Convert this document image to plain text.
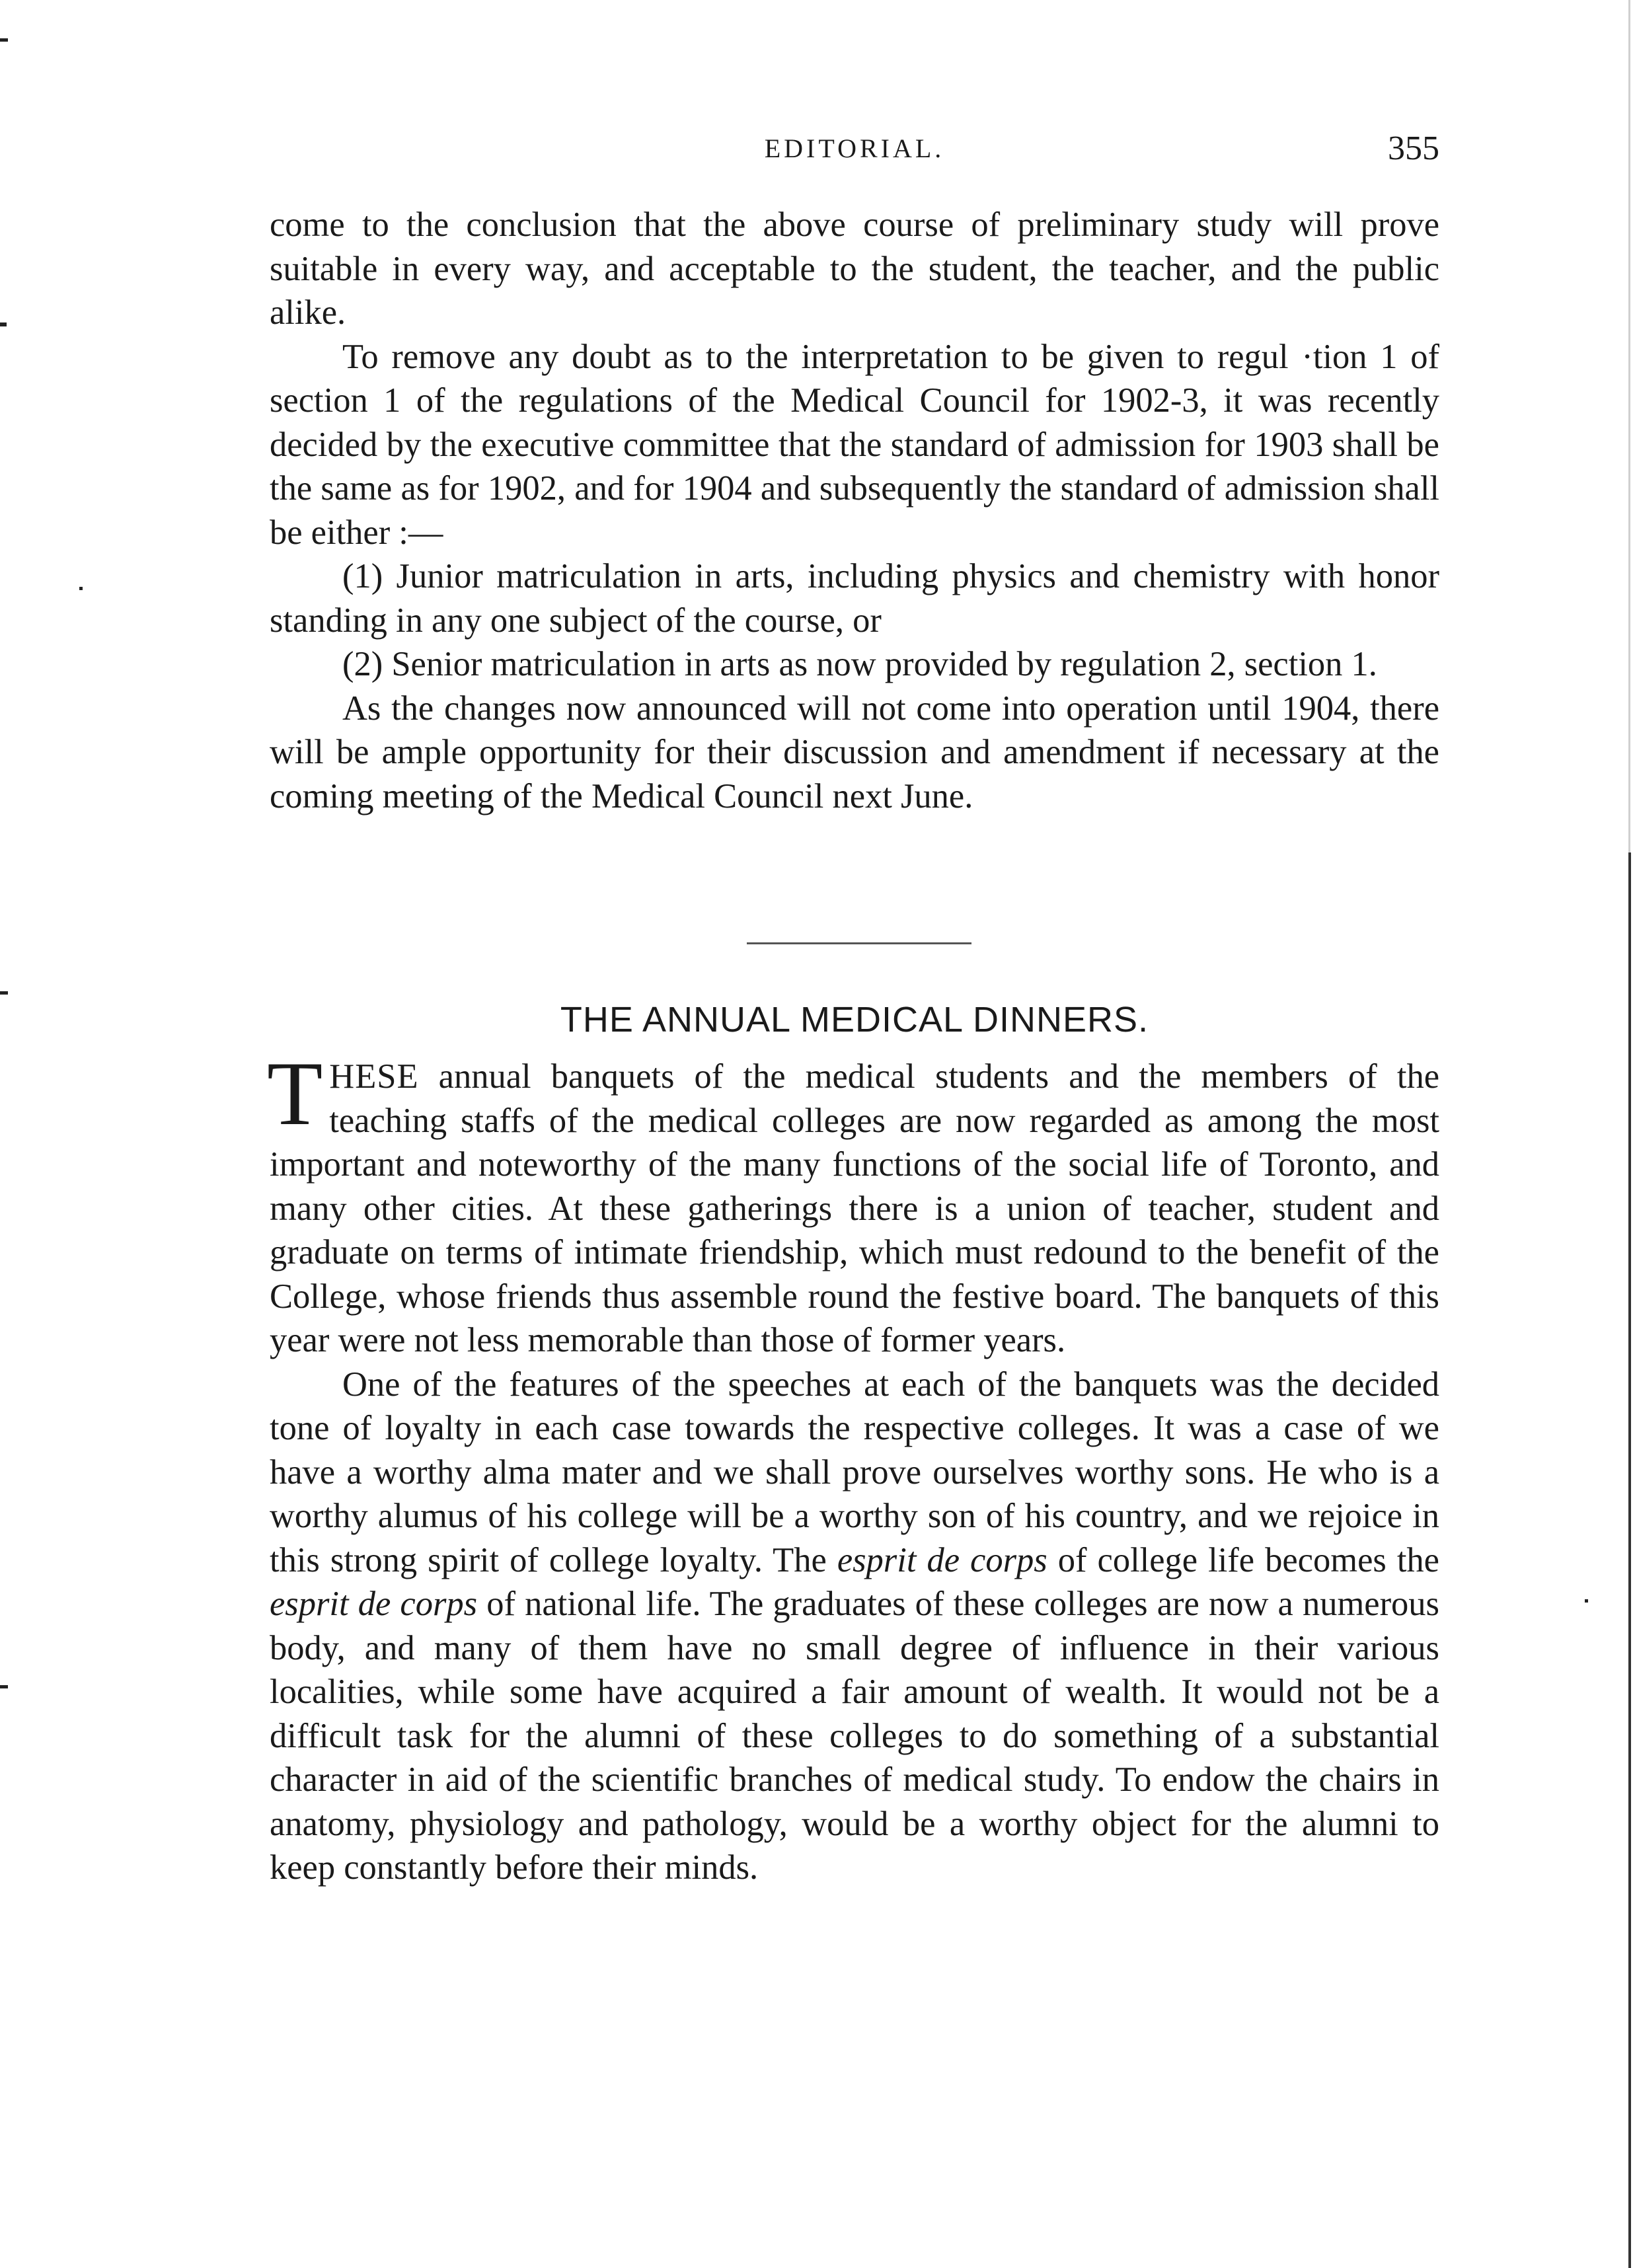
EDITORIAL.	355

come to the conclusion that the above course of preliminary study will prove suitable in every way, and acceptable to the student, the teacher, and the public alike.

To remove any doubt as to the interpretation to be given to regul ·tion 1 of section 1 of the regulations of the Medical Council for 1902-3, it was recently decided by the executive committee that the standard of admission for 1903 shall be the same as for 1902, and for 1904 and subsequently the standard of admission shall be either :—

(1) Junior matriculation in arts, including physics and chemistry with honor standing in any one subject of the course, or

(2) Senior matriculation in arts as now provided by regulation 2, section 1.

As the changes now announced will not come into operation until 1904, there will be ample opportunity for their discussion and amendment if necessary at the coming meeting of the Medical Council next June.

THE ANNUAL MEDICAL DINNERS.

THESE annual banquets of the medical students and the members of the teaching staffs of the medical colleges are now regarded as among the most important and noteworthy of the many functions of the social life of Toronto, and many other cities. At these gatherings there is a union of teacher, student and graduate on terms of intimate friendship, which must redound to the benefit of the College, whose friends thus assemble round the festive board. The banquets of this year were not less memorable than those of former years.

One of the features of the speeches at each of the banquets was the decided tone of loyalty in each case towards the respective colleges. It was a case of we have a worthy alma mater and we shall prove ourselves worthy sons. He who is a worthy alumus of his college will be a worthy son of his country, and we rejoice in this strong spirit of college loyalty. The esprit de corps of college life becomes the esprit de corps of national life. The graduates of these colleges are now a numerous body, and many of them have no small degree of influence in their various localities, while some have acquired a fair amount of wealth. It would not be a difficult task for the alumni of these colleges to do something of a substantial character in aid of the scientific branches of medical study. To endow the chairs in anatomy, physiology and pathology, would be a worthy object for the alumni to keep constantly before their minds.
